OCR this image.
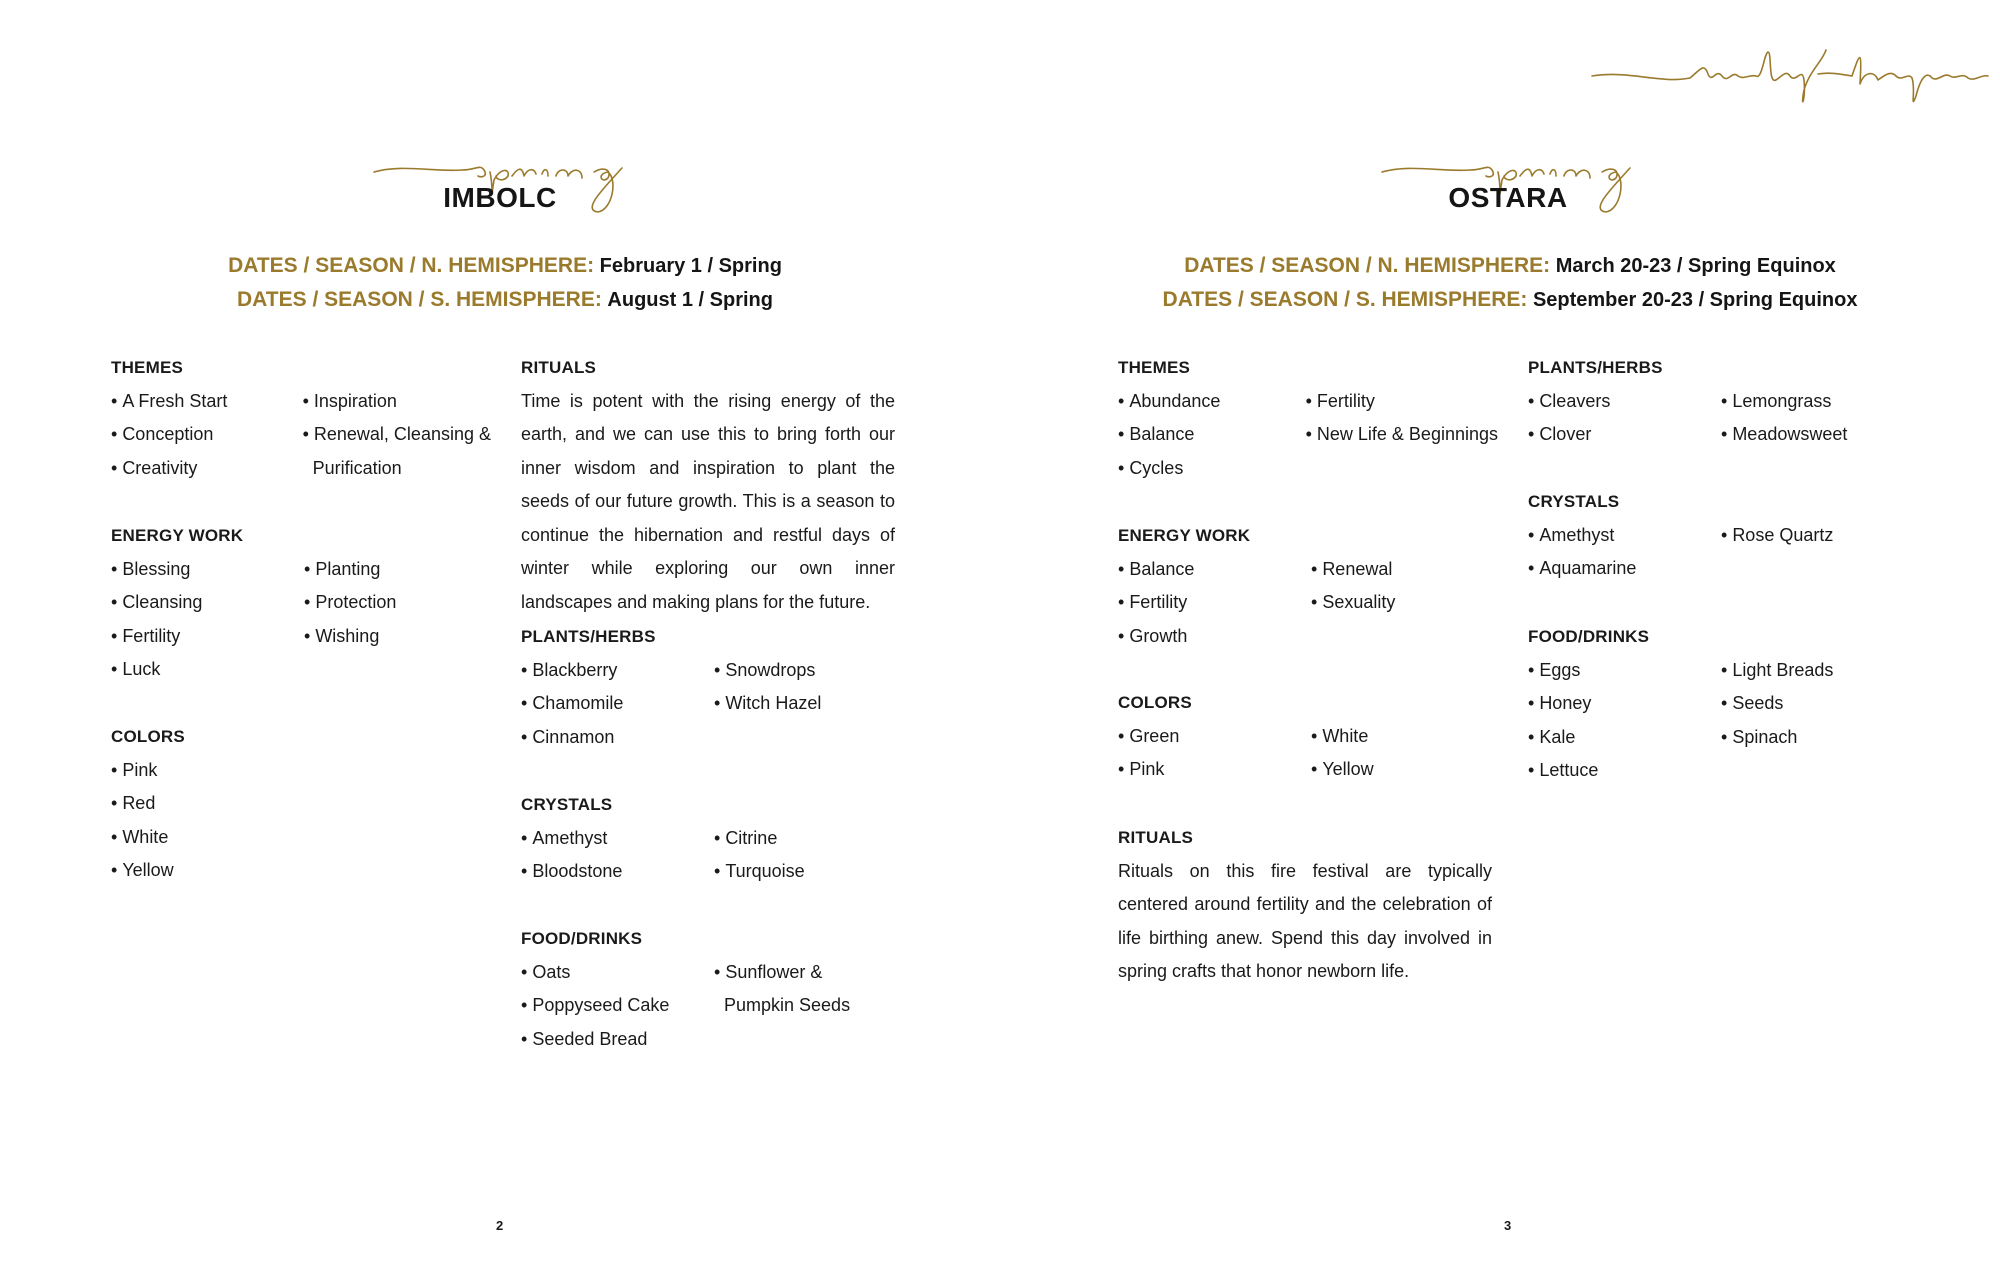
IMBOLC
DATES / SEASON / N. HEMISPHERE: February 1 / Spring
DATES / SEASON / S. HEMISPHERE: August 1 / Spring
THEMES
• A Fresh Start
• Conception
• Creativity
• Inspiration
• Renewal, Cleansing &
Purification
ENERGY WORK
• Blessing
• Cleansing
• Fertility
• Luck
• Planting
• Protection
• Wishing
COLORS
• Pink
• Red
• White
• Yellow
RITUALS
Time is potent with the rising energy of the earth, and we can use this to bring forth our inner wisdom and inspiration to plant the seeds of our future growth. This is a season to continue the hibernation and restful days of winter while exploring our own inner landscapes and making plans for the future.
PLANTS/HERBS
• Blackberry
• Chamomile
• Cinnamon
• Snowdrops
• Witch Hazel
CRYSTALS
• Amethyst
• Bloodstone
• Citrine
• Turquoise
FOOD/DRINKS
• Oats
• Poppyseed Cake
• Seeded Bread
• Sunflower &
Pumpkin Seeds
2
OSTARA
DATES / SEASON / N. HEMISPHERE: March 20-23 / Spring Equinox
DATES / SEASON / S. HEMISPHERE: September 20-23 / Spring Equinox
THEMES
• Abundance
• Balance
• Cycles
• Fertility
• New Life & Beginnings
ENERGY WORK
• Balance
• Fertility
• Growth
• Renewal
• Sexuality
COLORS
• Green
• Pink
• White
• Yellow
RITUALS
Rituals on this fire festival are typically centered around fertility and the celebration of life birthing anew. Spend this day involved in spring crafts that honor newborn life.
PLANTS/HERBS
• Cleavers
• Clover
• Lemongrass
• Meadowsweet
CRYSTALS
• Amethyst
• Aquamarine
• Rose Quartz
FOOD/DRINKS
• Eggs
• Honey
• Kale
• Lettuce
• Light Breads
• Seeds
• Spinach
3
